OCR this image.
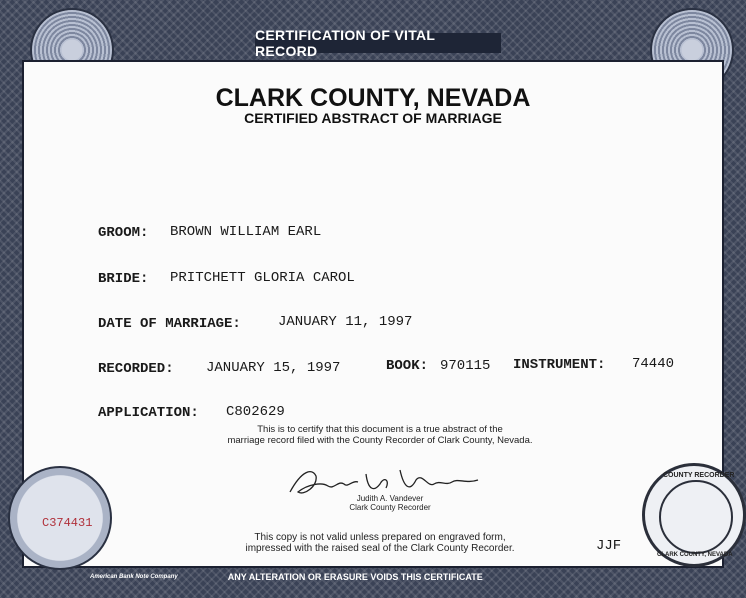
CERTIFICATION OF VITAL RECORD
CLARK COUNTY, NEVADA
CERTIFIED ABSTRACT OF MARRIAGE
GROOM: BROWN WILLIAM EARL
BRIDE: PRITCHETT GLORIA CAROL
DATE OF MARRIAGE:	JANUARY 11, 1997
RECORDED: JANUARY 15, 1997	BOOK: 970115 INSTRUMENT: 74440
APPLICATION: C802629
This is to certify that this document is a true abstract of the
marriage record filed with the County Recorder of Clark County, Nevada.
Judith A. Vandever
Clark County Recorder
This copy is not valid unless prepared on engraved form,
impressed with the raised seal of the Clark County Recorder.	JJF
C374431
COUNTY RECORDER
CLARK COUNTY, NEVADA
American Bank Note Company	ANY ALTERATION OR ERASURE VOIDS THIS CERTIFICATE
